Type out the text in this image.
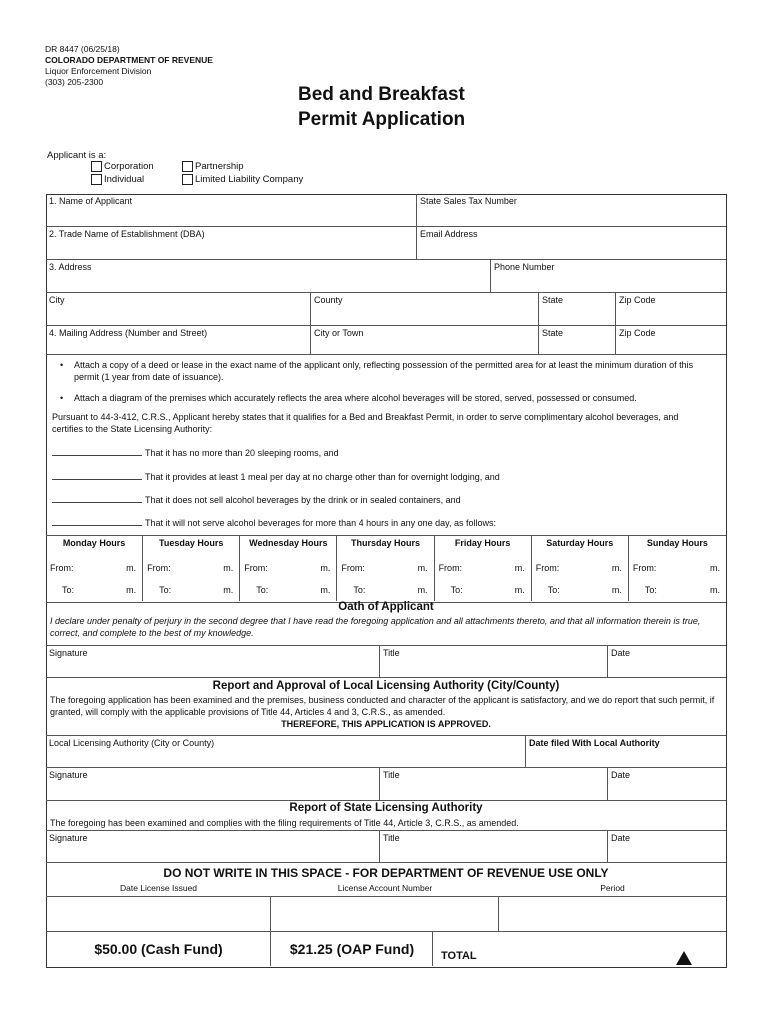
DR 8447 (06/25/18)
COLORADO DEPARTMENT OF REVENUE
Liquor Enforcement Division
(303) 205-2300
Bed and Breakfast
Permit Application
Applicant is a:
Corporation
Individual
Partnership
Limited Liability Company
1. Name of Applicant	State Sales Tax Number
2. Trade Name of Establishment (DBA)	Email Address
3. Address	Phone Number
City	County	State	Zip Code
4. Mailing Address (Number and Street)	City or Town	State	Zip Code
•	Attach a copy of a deed or lease in the exact name of the applicant only, reflecting possession of the permitted area for at least the minimum duration of this permit (1 year from date of issuance).
•	Attach a diagram of the premises which accurately reflects the area where alcohol beverages will be stored, served, possessed or consumed.
Pursuant to 44-3-412, C.R.S., Applicant hereby states that it qualifies for a Bed and Breakfast Permit, in order to serve complimentary alcohol beverages, and certifies to the State Licensing Authority:
That it has no more than 20 sleeping rooms, and
That it provides at least 1 meal per day at no charge other than for overnight lodging, and
That it does not sell alcohol beverages by the drink or in sealed containers, and
That it will not serve alcohol beverages for more than 4 hours in any one day, as follows:
Monday Hours
From:	m.
To:	m.
Tuesday Hours
From:	m.
To:	m.
Wednesday Hours
From:	m.
To:	m.
Thursday Hours
From:	m.
To:	m.
Friday Hours
From:	m.
To:	m.
Saturday Hours
From:	m.
To:	m.
Sunday Hours
From:	m.
To:	m.
Oath of Applicant
I declare under penalty of perjury in the second degree that I have read the foregoing application and all attachments thereto, and that all information therein is true, correct, and complete to the best of my knowledge.
Signature	Title	Date
Report and Approval of Local Licensing Authority (City/County)
The foregoing application has been examined and the premises, business conducted and character of the applicant is satisfactory, and we do report that such permit, if granted, will comply with the applicable provisions of Title 44, Articles 4 and 3, C.R.S., as amended.
THEREFORE, THIS APPLICATION IS APPROVED.
Local Licensing Authority (City or County)	Date filed With Local Authority
Signature	Title	Date
Report of State Licensing Authority
The foregoing has been examined and complies with the filing requirements of Title 44, Article 3, C.R.S., as amended.
Signature	Title	Date
DO NOT WRITE IN THIS SPACE - FOR DEPARTMENT OF REVENUE USE ONLY
Date License Issued	License Account Number	Period
$50.00 (Cash Fund)	$21.25 (OAP Fund)	TOTAL
